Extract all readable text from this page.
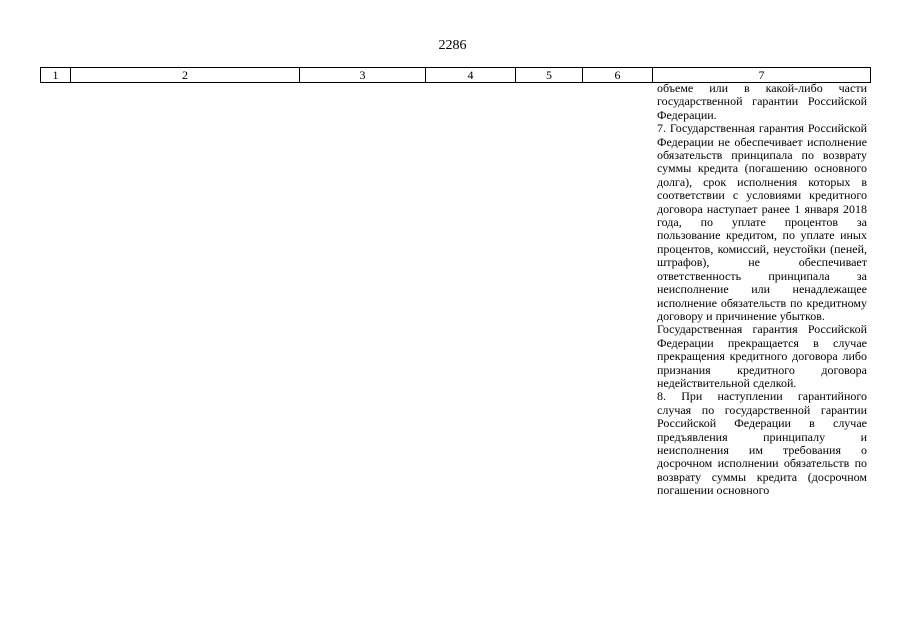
2286
1	2	3	4	5	6	7

объеме или в какой-либо части государственной гарантии Российской Федерации.

7. Государственная гарантия Российской Федерации не обеспечивает исполнение обязательств принципала по возврату суммы кредита (погашению основного долга), срок исполнения которых в соответствии с условиями кредитного договора наступает ранее 1 января 2018 года, по уплате процентов за пользование кредитом, по уплате иных процентов, комиссий, неустойки (пеней, штрафов), не обеспечивает ответственность принципала за неисполнение или ненадлежащее исполнение обязательств по кредитному договору и причинение убытков.

Государственная гарантия Российской Федерации прекращается в случае прекращения кредитного договора либо признания кредитного договора недействительной сделкой.

8. При наступлении гарантийного случая по государственной гарантии Российской Федерации в случае предъявления принципалу и неисполнения им требования о досрочном исполнении обязательств по возврату суммы кредита (досрочном погашении основного
